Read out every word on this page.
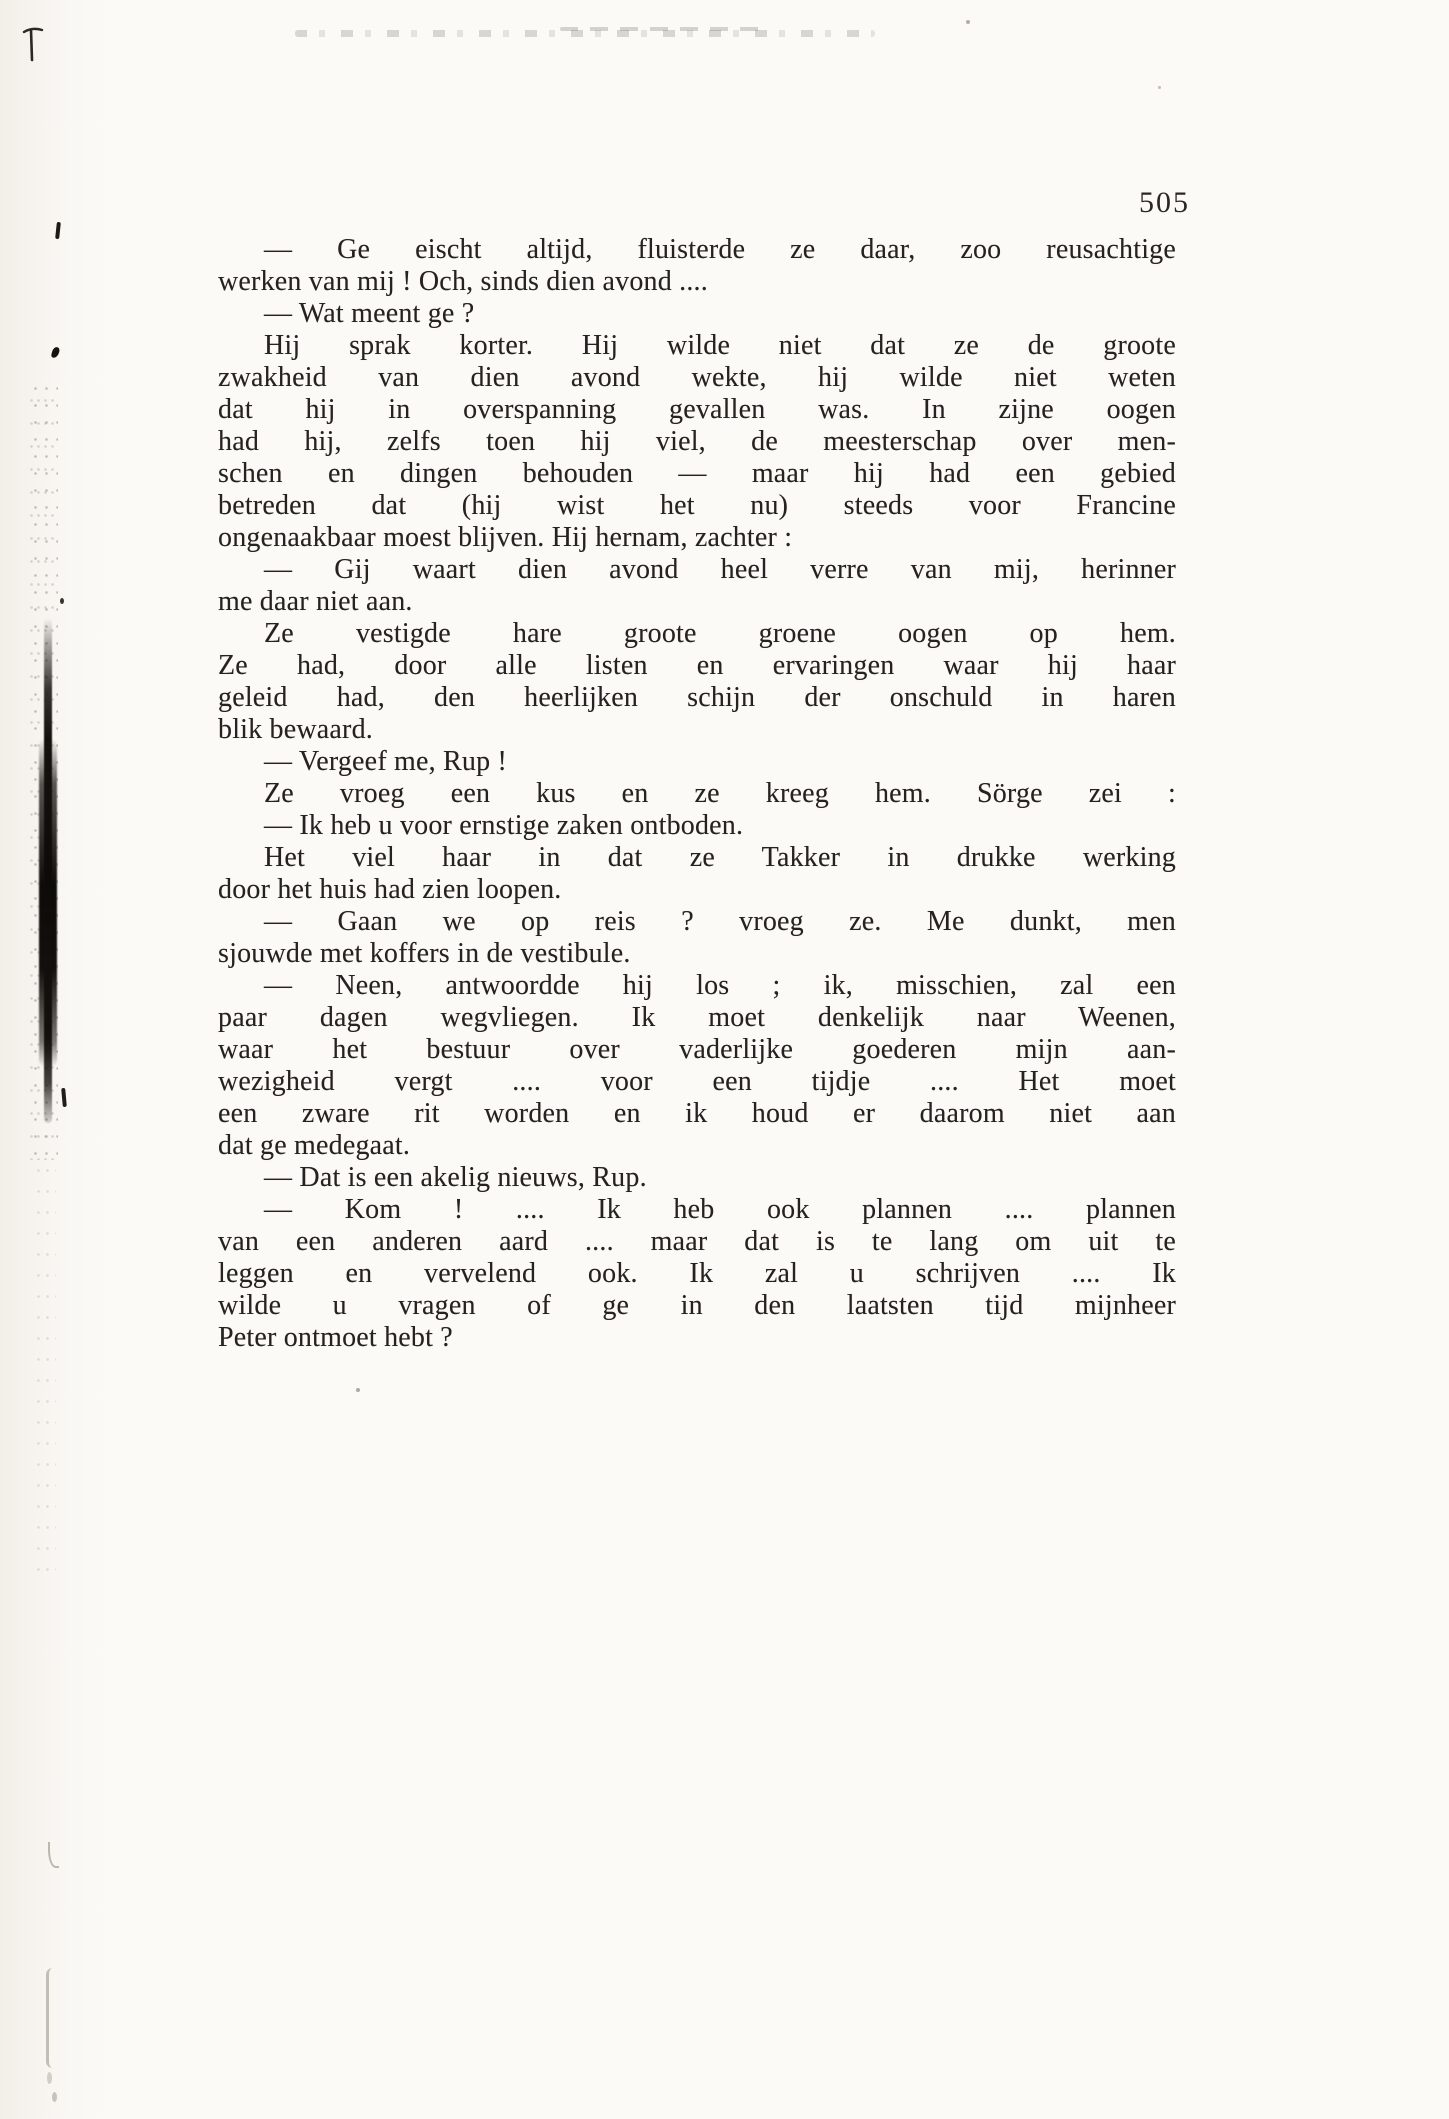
505
— Ge eischt altijd, fluisterde ze daar, zoo reusachtige
werken van mij ! Och, sinds dien avond ....
— Wat meent ge ?
Hij sprak korter. Hij wilde niet dat ze de groote
zwakheid van dien avond wekte, hij wilde niet weten
dat hij in overspanning gevallen was. In zijne oogen
had hij, zelfs toen hij viel, de meesterschap over men-
schen en dingen behouden — maar hij had een gebied
betreden dat (hij wist het nu) steeds voor Francine
ongenaakbaar moest blijven. Hij hernam, zachter :
— Gij waart dien avond heel verre van mij, herinner
me daar niet aan.
Ze vestigde hare groote groene oogen op hem.
Ze had, door alle listen en ervaringen waar hij haar
geleid had, den heerlijken schijn der onschuld in haren
blik bewaard.
— Vergeef me, Rup !
Ze vroeg een kus en ze kreeg hem. Sörge zei :
— Ik heb u voor ernstige zaken ontboden.
Het viel haar in dat ze Takker in drukke werking
door het huis had zien loopen.
— Gaan we op reis ? vroeg ze. Me dunkt, men
sjouwde met koffers in de vestibule.
— Neen, antwoordde hij los ; ik, misschien, zal een
paar dagen wegvliegen. Ik moet denkelijk naar Weenen,
waar het bestuur over vaderlijke goederen mijn aan-
wezigheid vergt .... voor een tijdje .... Het moet
een zware rit worden en ik houd er daarom niet aan
dat ge medegaat.
— Dat is een akelig nieuws, Rup.
— Kom ! .... Ik heb ook plannen .... plannen
van een anderen aard .... maar dat is te lang om uit te
leggen en vervelend ook. Ik zal u schrijven .... Ik
wilde u vragen of ge in den laatsten tijd mijnheer
Peter ontmoet hebt ?
